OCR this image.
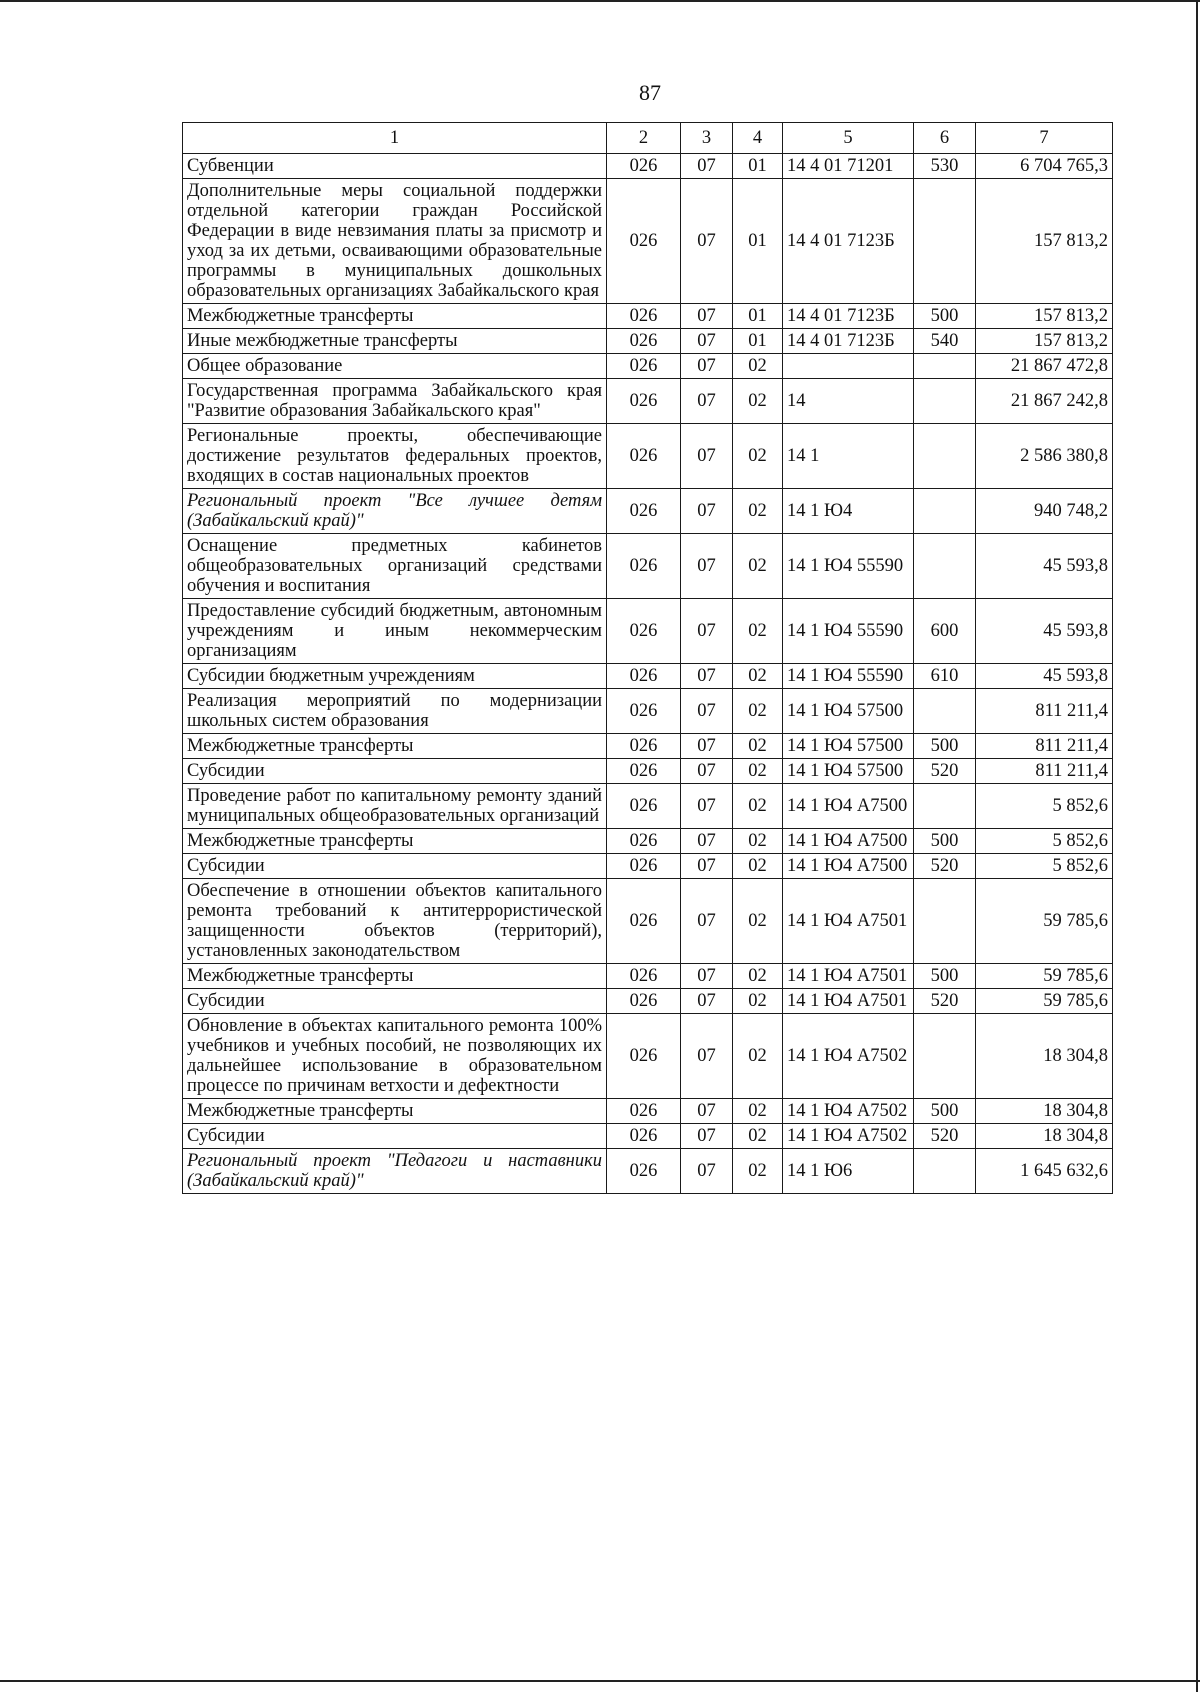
87
1	2	3	4	5	6	7
Субвенции	026	07	01	14 4 01 71201	530	6 704 765,3
Дополнительные меры социальной поддержки отдельной категории граждан Российской Федерации в виде невзимания платы за присмотр и уход за их детьми, осваивающими образовательные программы в муниципальных дошкольных образовательных организациях Забайкальского края	026	07	01	14 4 01 7123Б		157 813,2
Межбюджетные трансферты	026	07	01	14 4 01 7123Б	500	157 813,2
Иные межбюджетные трансферты	026	07	01	14 4 01 7123Б	540	157 813,2
Общее образование	026	07	02			21 867 472,8
Государственная программа Забайкальского края "Развитие образования Забайкальского края"	026	07	02	14		21 867 242,8
Региональные проекты, обеспечивающие достижение результатов федеральных проектов, входящих в состав национальных проектов	026	07	02	14 1		2 586 380,8
Региональный проект "Все лучшее детям (Забайкальский край)"	026	07	02	14 1 Ю4		940 748,2
Оснащение предметных кабинетов общеобразовательных организаций средствами обучения и воспитания	026	07	02	14 1 Ю4 55590		45 593,8
Предоставление субсидий бюджетным, автономным учреждениям и иным некоммерческим организациям	026	07	02	14 1 Ю4 55590	600	45 593,8
Субсидии бюджетным учреждениям	026	07	02	14 1 Ю4 55590	610	45 593,8
Реализация мероприятий по модернизации школьных систем образования	026	07	02	14 1 Ю4 57500		811 211,4
Межбюджетные трансферты	026	07	02	14 1 Ю4 57500	500	811 211,4
Субсидии	026	07	02	14 1 Ю4 57500	520	811 211,4
Проведение работ по капитальному ремонту зданий муниципальных общеобразовательных организаций	026	07	02	14 1 Ю4 А7500		5 852,6
Межбюджетные трансферты	026	07	02	14 1 Ю4 А7500	500	5 852,6
Субсидии	026	07	02	14 1 Ю4 А7500	520	5 852,6
Обеспечение в отношении объектов капитального ремонта требований к антитеррористической защищенности объектов (территорий), установленных законодательством	026	07	02	14 1 Ю4 А7501		59 785,6
Межбюджетные трансферты	026	07	02	14 1 Ю4 А7501	500	59 785,6
Субсидии	026	07	02	14 1 Ю4 А7501	520	59 785,6
Обновление в объектах капитального ремонта 100% учебников и учебных пособий, не позволяющих их дальнейшее использование в образовательном процессе по причинам ветхости и дефектности	026	07	02	14 1 Ю4 А7502		18 304,8
Межбюджетные трансферты	026	07	02	14 1 Ю4 А7502	500	18 304,8
Субсидии	026	07	02	14 1 Ю4 А7502	520	18 304,8
Региональный проект "Педагоги и наставники (Забайкальский край)"	026	07	02	14 1 Ю6		1 645 632,6
